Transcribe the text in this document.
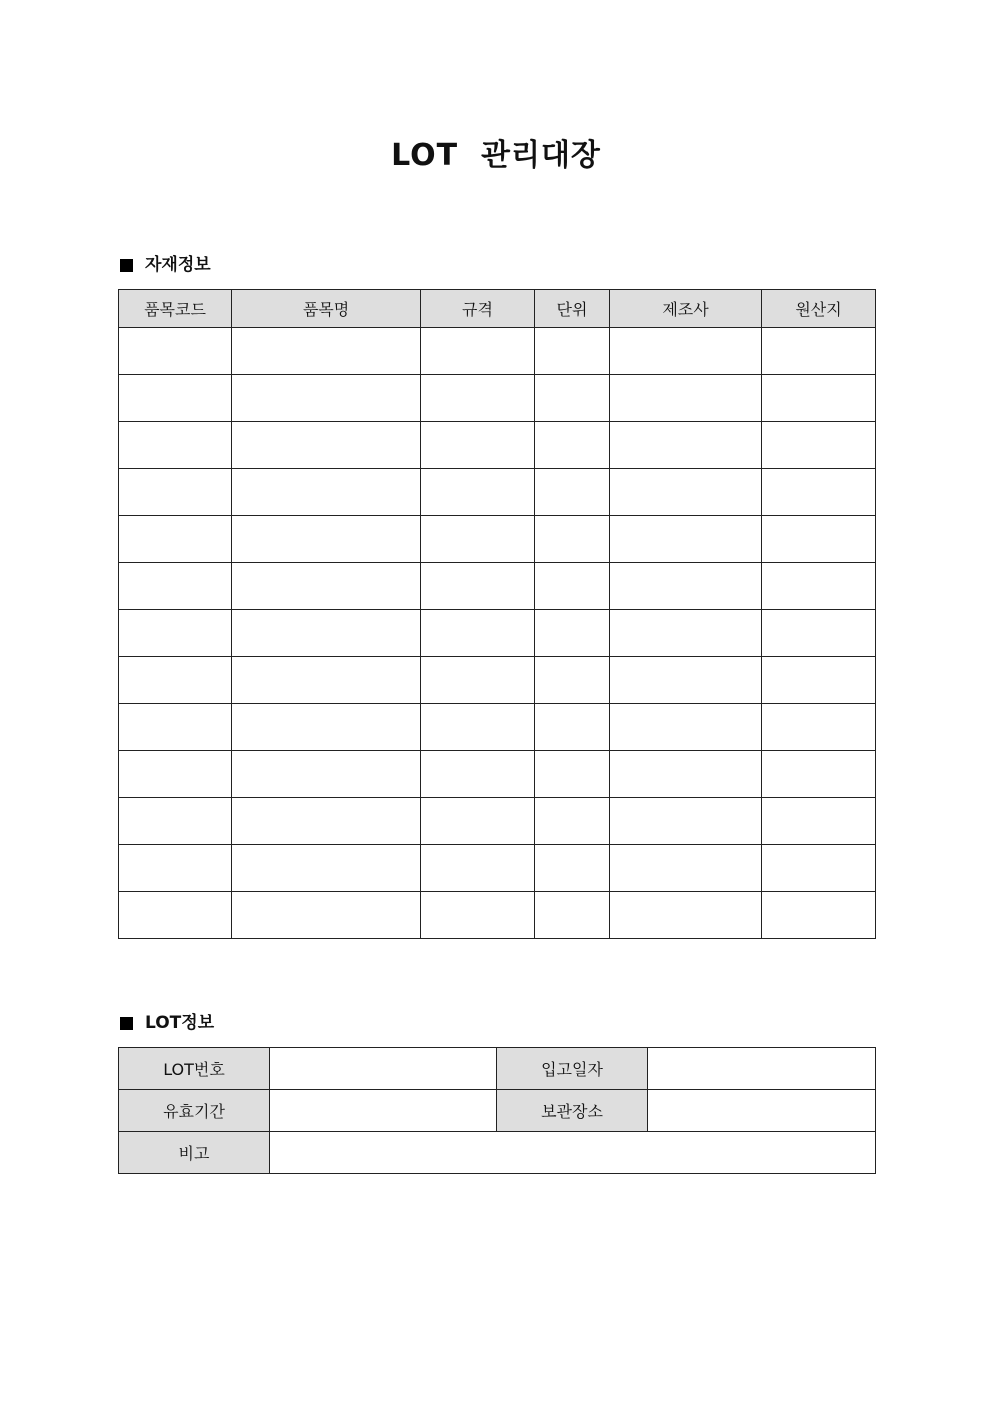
LOT  관리대장
자재정보
품목코드	품목명	규격	단위	제조사	원산지

LOT정보
LOT번호		입고일자	
유효기간		보관장소	
비고			
